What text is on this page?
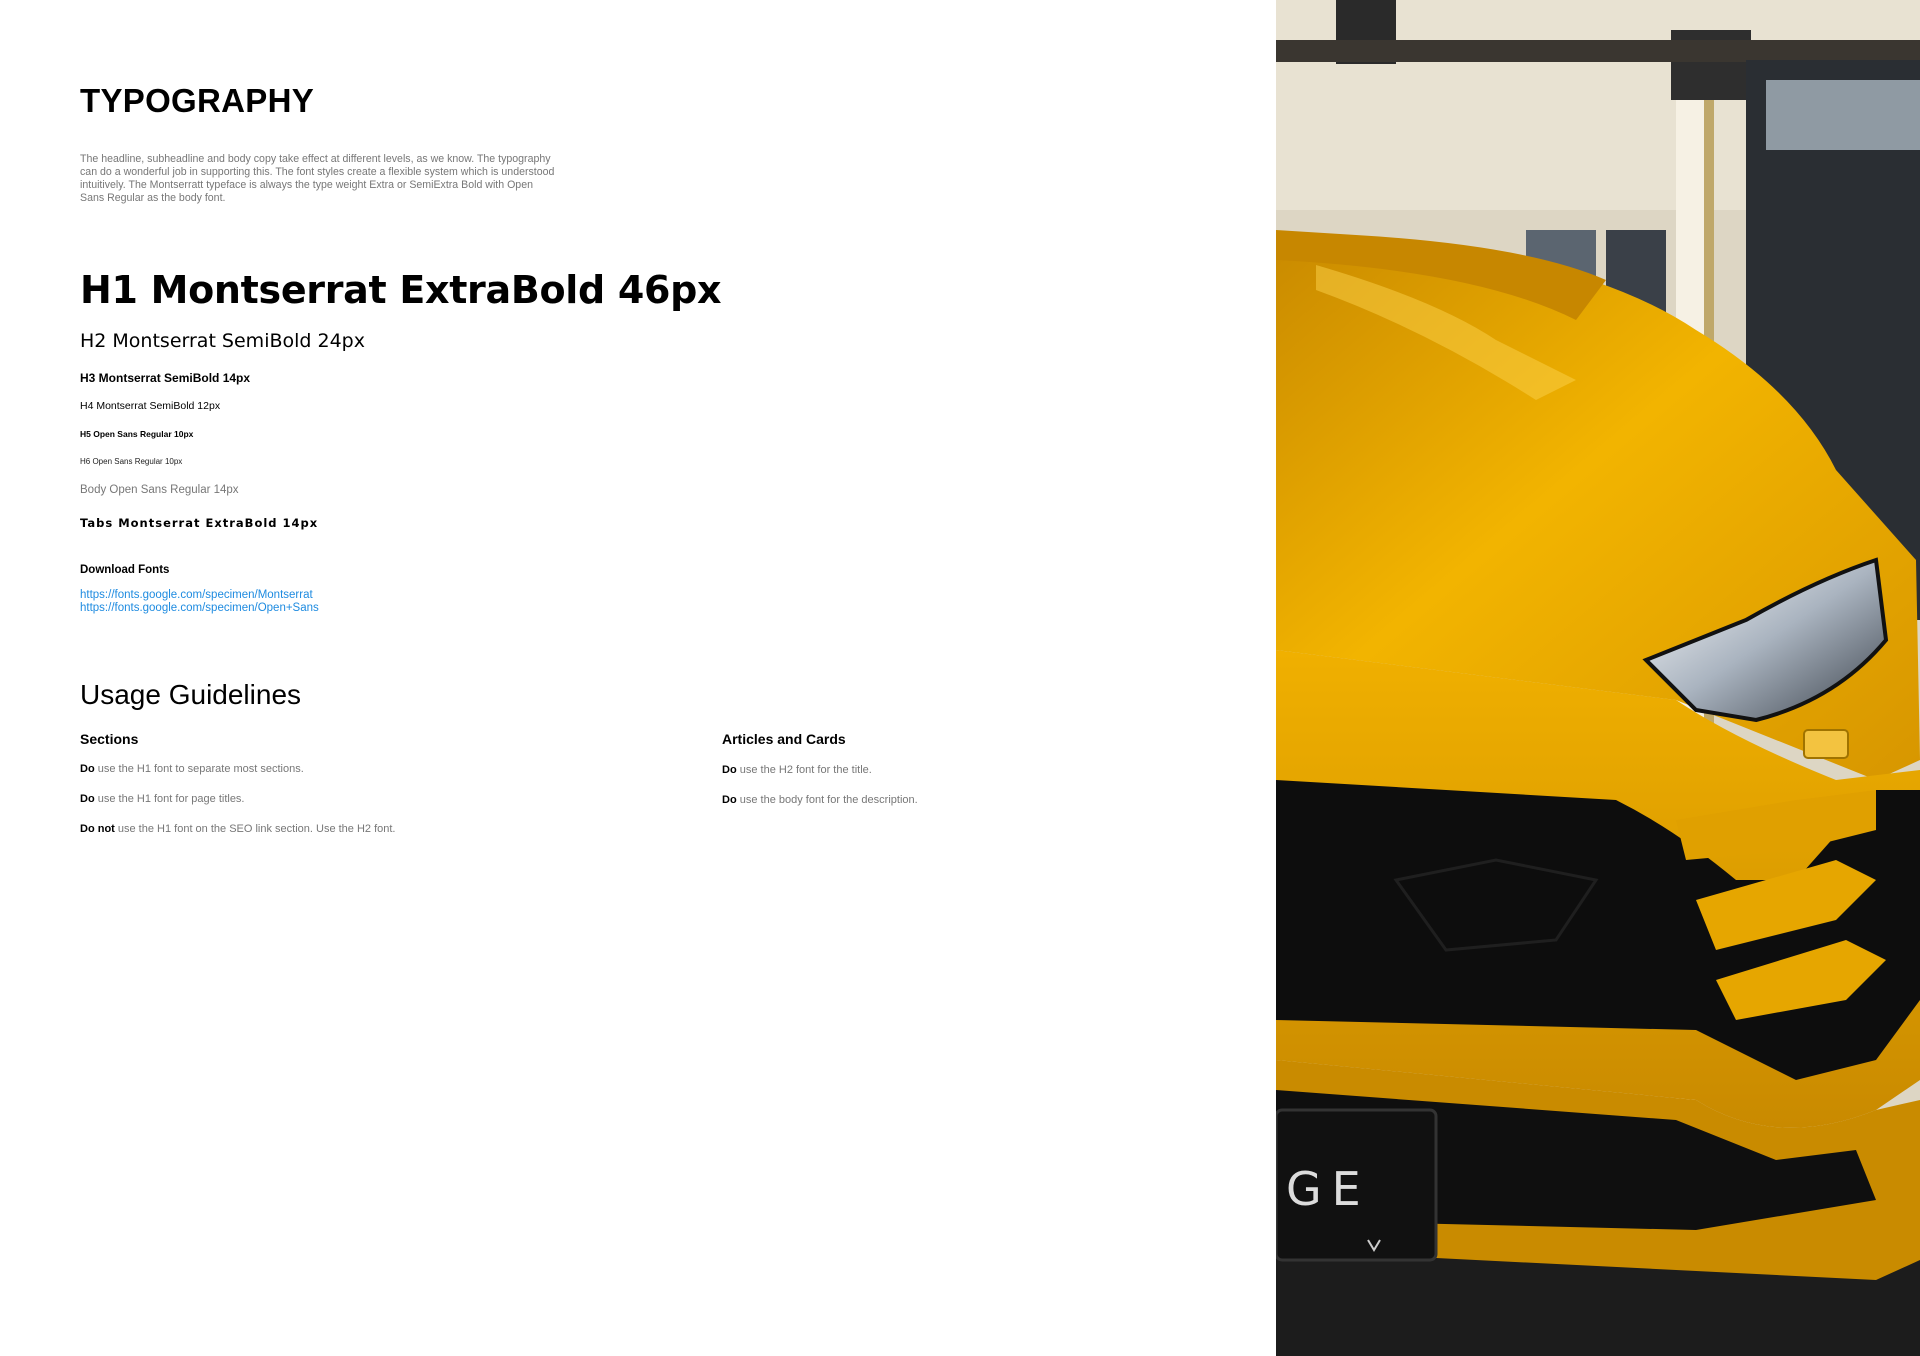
TYPOGRAPHY

The headline, subheadline and body copy take effect at different levels, as we know. The typography can do a wonderful job in supporting this. The font styles create a flexible system which is understood intuitively. The Montserratt typeface is always the type weight Extra or SemiExtra Bold with Open Sans Regular as the body font.

H1 Montserrat ExtraBold 46px
H2 Montserrat SemiBold 24px
H3 Montserrat SemiBold 14px
H4 Montserrat SemiBold 12px
H5 Open Sans Regular 10px
H6 Open Sans Regular 10px
Body Open Sans Regular 14px
Tabs Montserrat ExtraBold 14px
Download Fonts
https://fonts.google.com/specimen/Montserrat
https://fonts.google.com/specimen/Open+Sans
Usage Guidelines
Sections
Do use the H1 font to separate most sections.
Do use the H1 font for page titles.
Do not use the H1 font on the SEO link section. Use the H2 font.
Articles and Cards
Do use the H2 font for the title.
Do use the body font for the description.
GE
